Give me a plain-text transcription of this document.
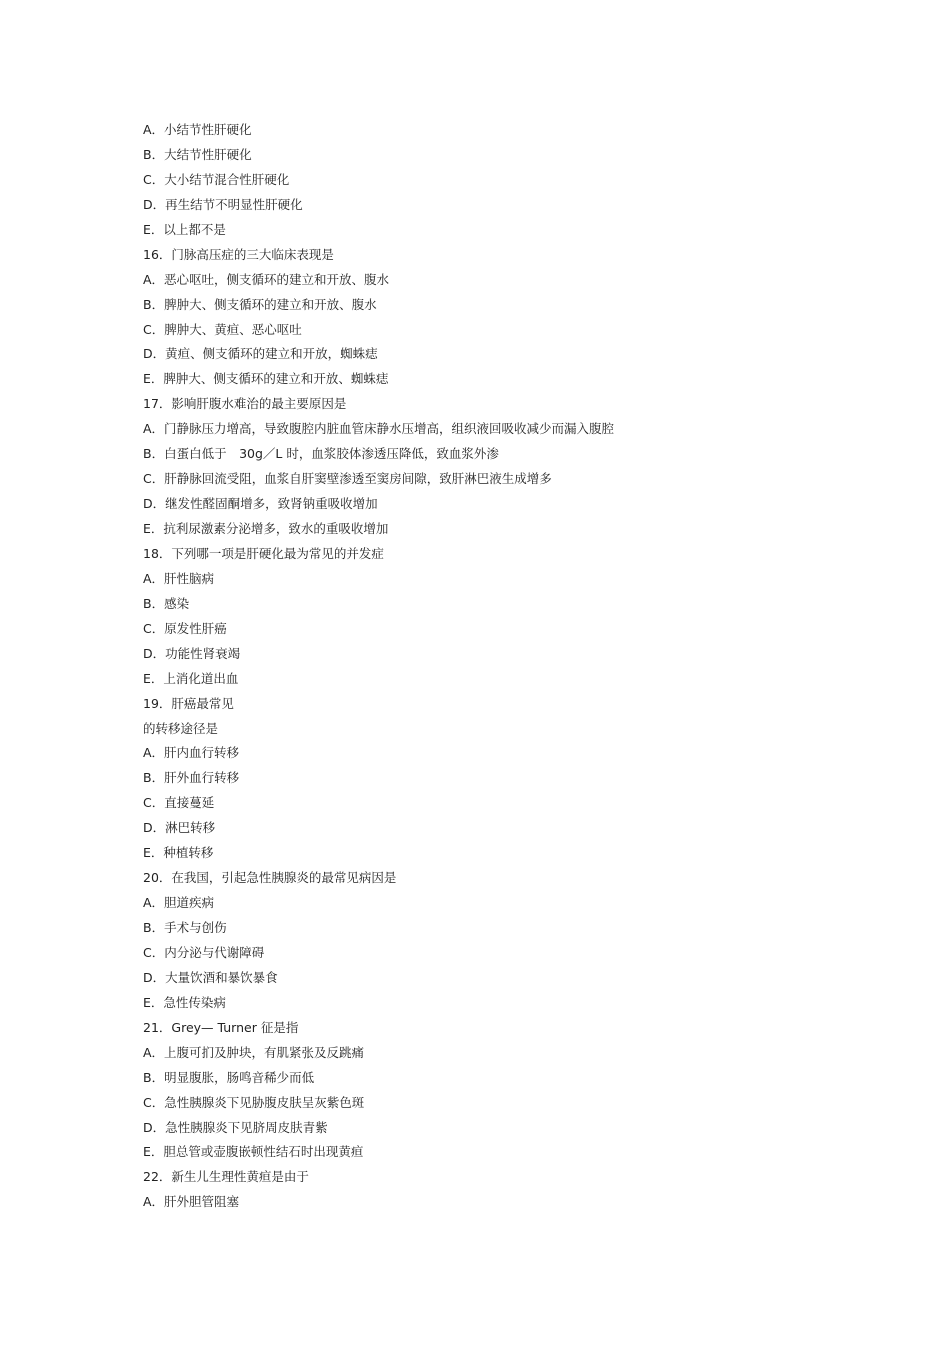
A．小结节性肝硬化
B．大结节性肝硬化
C．大小结节混合性肝硬化
D．再生结节不明显性肝硬化
E．以上都不是
16．门脉高压症的三大临床表现是
A．恶心呕吐，侧支循环的建立和开放、腹水
B．脾肿大、侧支循环的建立和开放、腹水
C．脾肿大、黄疸、恶心呕吐
D．黄疸、侧支循环的建立和开放，蜘蛛痣
E．脾肿大、侧支循环的建立和开放、蜘蛛痣
17．影响肝腹水难治的最主要原因是
A．门静脉压力增高，导致腹腔内脏血管床静水压增高，组织液回吸收减少而漏入腹腔
B．白蛋白低于　30g／L 时，血浆胶体渗透压降低，致血浆外渗
C．肝静脉回流受阻，血浆自肝窦壁渗透至窦房间隙，致肝淋巴液生成增多
D．继发性醛固酮增多，致肾钠重吸收增加
E．抗利尿激素分泌增多，致水的重吸收增加
18．下列哪一项是肝硬化最为常见的并发症
A．肝性脑病
B．感染
C．原发性肝癌
D．功能性肾衰竭
E．上消化道出血
19．肝癌最常见
的转移途径是
A．肝内血行转移
B．肝外血行转移
C．直接蔓延
D．淋巴转移
E．种植转移
20．在我国，引起急性胰腺炎的最常见病因是
A．胆道疾病
B．手术与创伤
C．内分泌与代谢障碍
D．大量饮酒和暴饮暴食
E．急性传染病
21．Grey— Turner 征是指
A．上腹可扪及肿块，有肌紧张及反跳痛
B．明显腹胀，肠鸣音稀少而低
C．急性胰腺炎下见胁腹皮肤呈灰紫色斑
D．急性胰腺炎下见脐周皮肤青紫
E．胆总管或壶腹嵌顿性结石时出现黄疸
22．新生儿生理性黄疸是由于
A．肝外胆管阻塞
